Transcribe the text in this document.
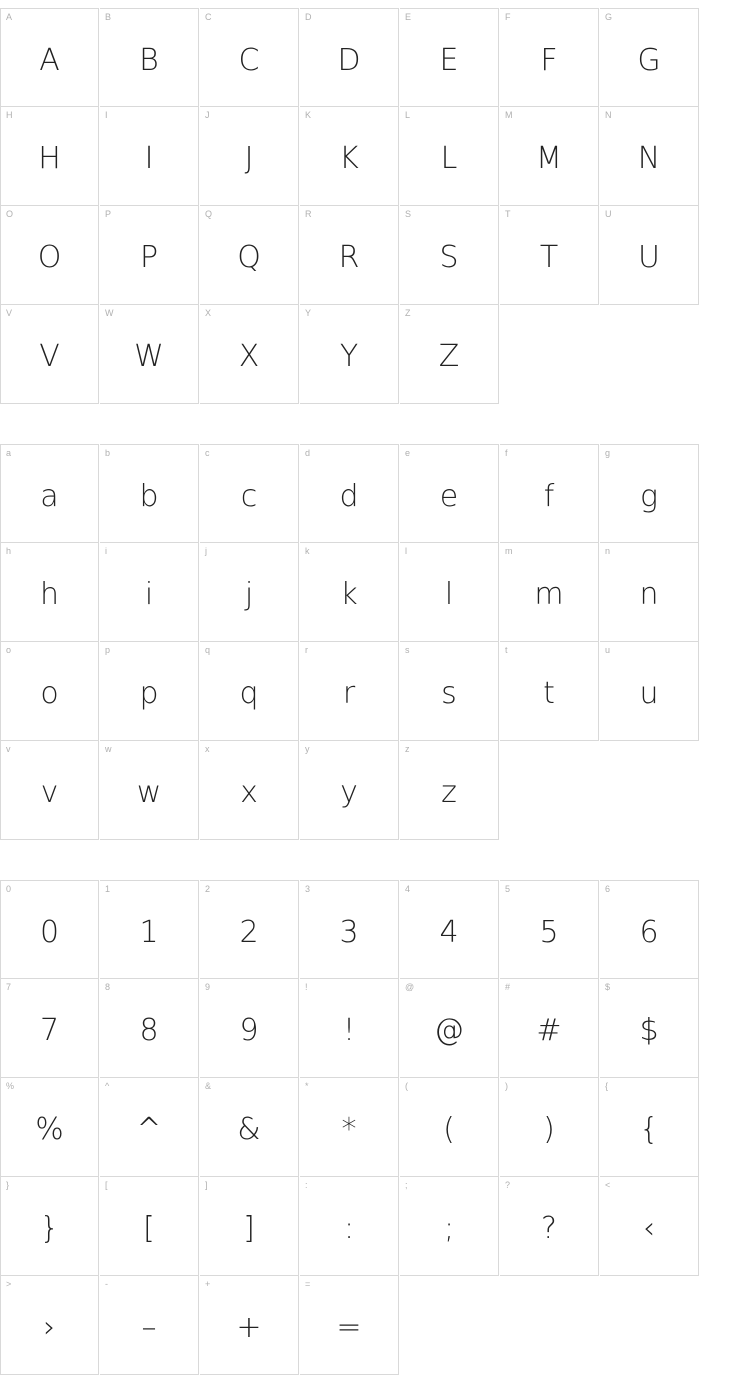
A
A
B
B
C
C
D
D
E
E
F
F
G
G
H
H
I
I
J
J
K
K
L
L
M
M
N
N
O
O
P
P
Q
Q
R
R
S
S
T
T
U
U
V
V
W
W
X
X
Y
Y
Z
Z
a
a
b
b
c
c
d
d
e
e
f
f
g
g
h
h
i
i
j
j
k
k
l
l
m
m
n
n
o
o
p
p
q
q
r
r
s
s
t
t
u
u
v
v
w
w
x
x
y
y
z
z
0
0
1
1
2
2
3
3
4
4
5
5
6
6
7
7
8
8
9
9
!
!
@
@
#
#
$
$
%
%
^
^
&
&
*
*
(
(
)
)
{
{
}
}
[
[
]
]
:
:
;
;
?
?
<
‹
>
›
-
–
+
+
=
=
